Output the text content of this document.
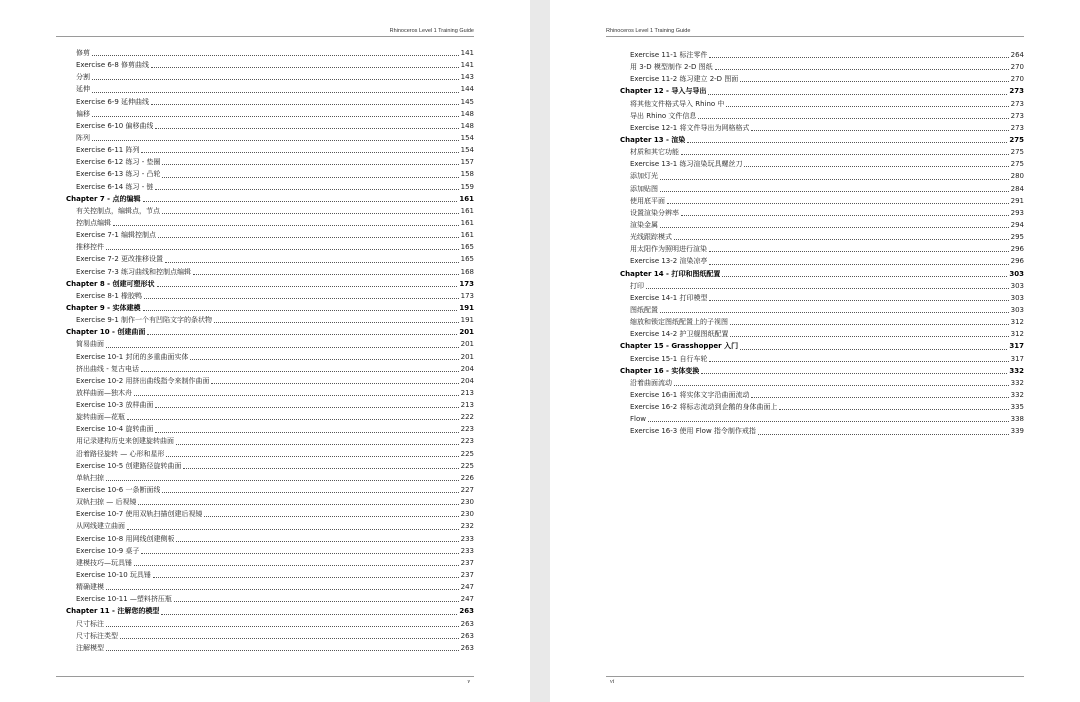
Rhinoceros Level 1 Training Guide
修剪	141
Exercise 6-8 修剪曲线	141
分割	143
延伸	144
Exercise 6-9 延伸曲线	145
偏移	148
Exercise 6-10 偏移曲线	148
阵列	154
Exercise 6-11 阵列	154
Exercise 6-12 练习 - 垫圈	157
Exercise 6-13 练习 - 凸轮	158
Exercise 6-14 练习 - 链	159
Chapter 7 - 点的编辑	161
有关控制点，编辑点，节点	161
控制点编辑	161
Exercise 7-1 编辑控制点	161
推移控件	165
Exercise 7-2 更改推移设置	165
Exercise 7-3 练习曲线和控制点编辑	168
Chapter 8 - 创建可塑形状	173
Exercise 8-1 橡胶鸭	173
Chapter 9 - 实体建模	191
Exercise 9-1 制作一个有凹陷文字的条状物	191
Chapter 10 - 创建曲面	201
简易曲面	201
Exercise 10-1 封闭的多重曲面实体	201
挤出曲线 - 复古电话	204
Exercise 10-2 用挤出曲线指令来制作曲面	204
放样曲面—独木舟	213
Exercise 10-3 放样曲面	213
旋转曲面—花瓶	222
Exercise 10-4 旋转曲面	223
用记录建构历史来创建旋转曲面	223
沿着路径旋转 — 心形和星形	225
Exercise 10-5 创建路径旋转曲面	225
单轨扫掠	226
Exercise 10-6 一条断面线	227
双轨扫掠 — 后视镜	230
Exercise 10-7 使用双轨扫描创建后视镜	230
从网线建立曲面	232
Exercise 10-8 用网线创建侧板	233
Exercise 10-9 桌子	233
建模技巧—玩具锤	237
Exercise 10-10 玩具锤	237
精确建模	247
Exercise 10-11 —塑料挤压瓶	247
Chapter 11 - 注解您的模型	263
尺寸标注	263
尺寸标注类型	263
注解模型	263
v
Rhinoceros Level 1 Training Guide
Exercise 11-1 标注零件	264
用 3-D 模型制作 2-D 图纸	270
Exercise 11-2 练习建立 2-D 图面	270
Chapter 12 - 导入与导出	273
将其他文件格式导入 Rhino 中	273
导出 Rhino 文件信息	273
Exercise 12-1 将文件导出为网格格式	273
Chapter 13 - 渲染	275
材质和其它功能	275
Exercise 13-1 练习渲染玩具螺丝刀	275
添加灯光	280
添加贴图	284
使用底平面	291
设置渲染分辨率	293
渲染金属	294
光线跟踪模式	295
用太阳作为照明进行渲染	296
Exercise 13-2 渲染凉亭	296
Chapter 14 - 打印和图纸配置	303
打印	303
Exercise 14-1 打印模型	303
图纸配置	303
缩放和锁定图纸配置上的子视图	312
Exercise 14-2 护卫舰图纸配置	312
Chapter 15 - Grasshopper 入门	317
Exercise 15-1 自行车轮	317
Chapter 16 - 实体变换	332
沿着曲面流动	332
Exercise 16-1 将实体文字沿曲面流动	332
Exercise 16-2 将标志流动到企鹅的身体曲面上	335
Flow	338
Exercise 16-3 使用 Flow 指令制作戒指	339
vi
